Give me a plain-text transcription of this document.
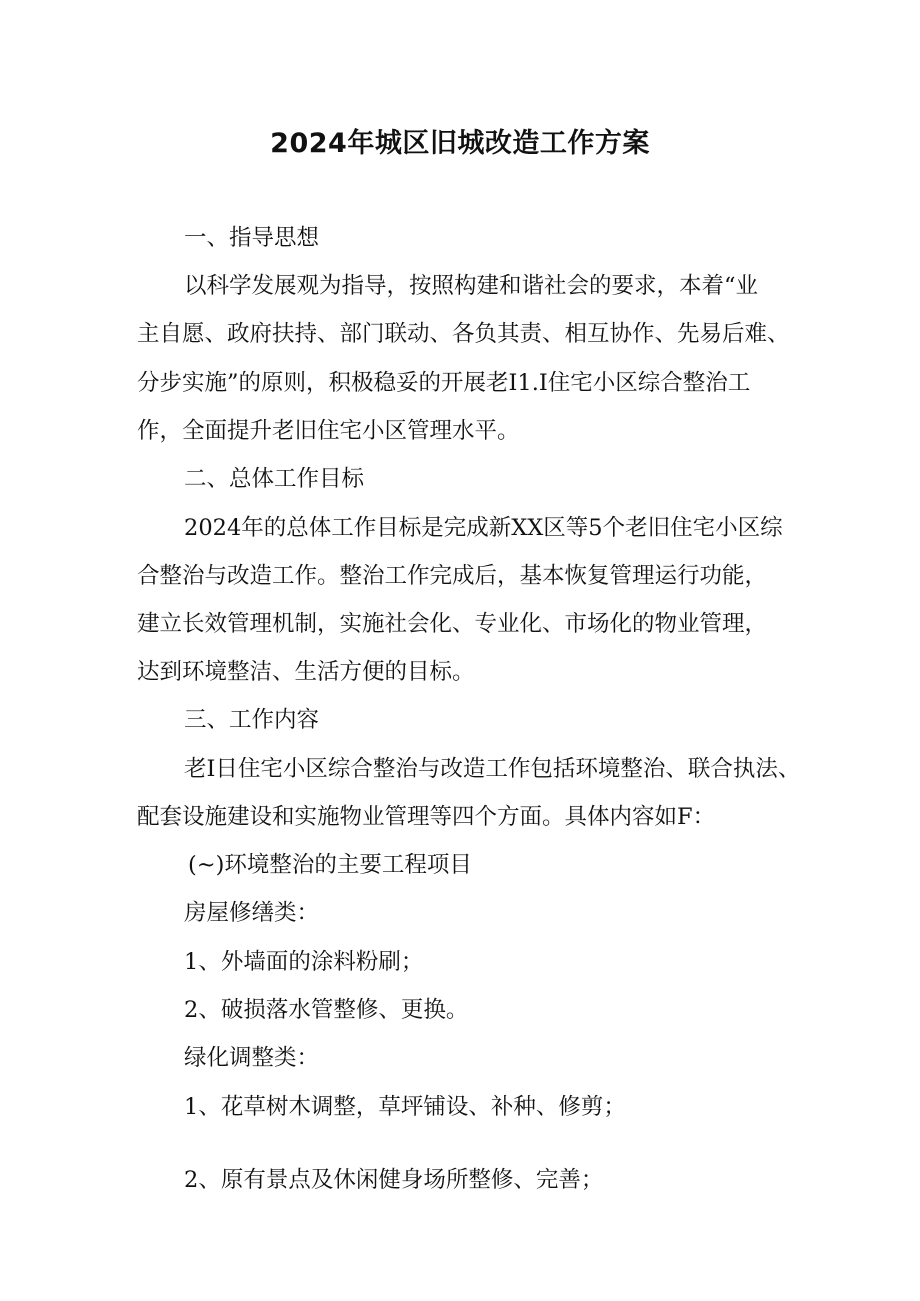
2024年城区旧城改造工作方案
一、指导思想

以科学发展观为指导，按照构建和谐社会的要求，本着“业

主自愿、政府扶持、部门联动、各负其责、相互协作、先易后难、

分步实施”的原则，积极稳妥的开展老I1.I住宅小区综合整治工

作，全面提升老旧住宅小区管理水平。

二、总体工作目标

2024年的总体工作目标是完成新XX区等5个老旧住宅小区综

合整治与改造工作。整治工作完成后，基本恢复管理运行功能，

建立长效管理机制，实施社会化、专业化、市场化的物业管理，

达到环境整洁、生活方便的目标。

三、工作内容

老I日住宅小区综合整治与改造工作包括环境整治、联合执法、

配套设施建设和实施物业管理等四个方面。具体内容如F：

(~)环境整治的主要工程项目

房屋修缮类：

1、外墙面的涂料粉刷；

2、破损落水管整修、更换。

绿化调整类：

1、花草树木调整，草坪铺设、补种、修剪；

2、原有景点及休闲健身场所整修、完善；
